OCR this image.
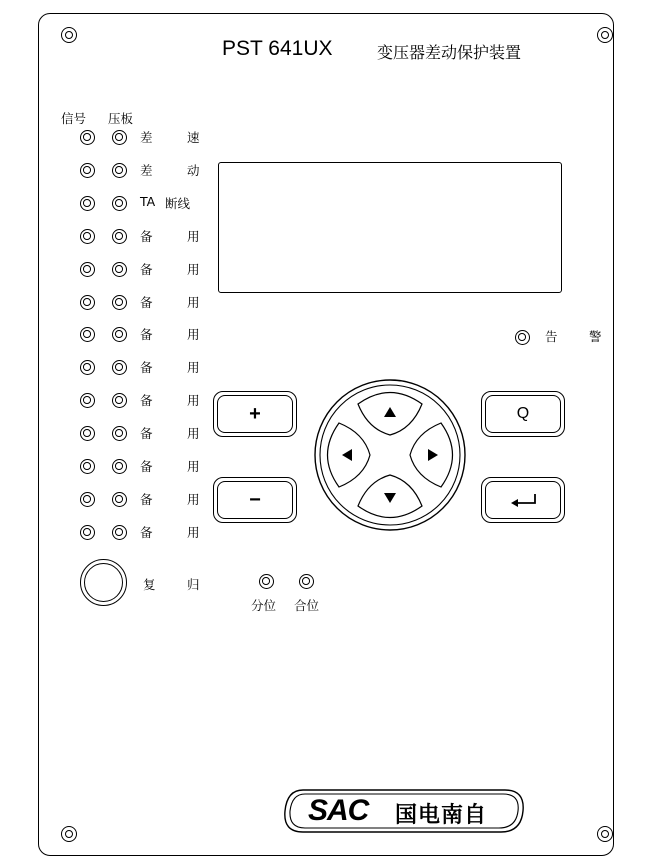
PST 641UX	变压器差动保护装置
信号 压板
差	速
差	动
TA 断线
备	用
备	用
备	用
备	用
备	用
备	用
备	用
备	用
备	用
备	用
复	归
告	警
+
−
Q
分位 合位
SAC 国电南自
